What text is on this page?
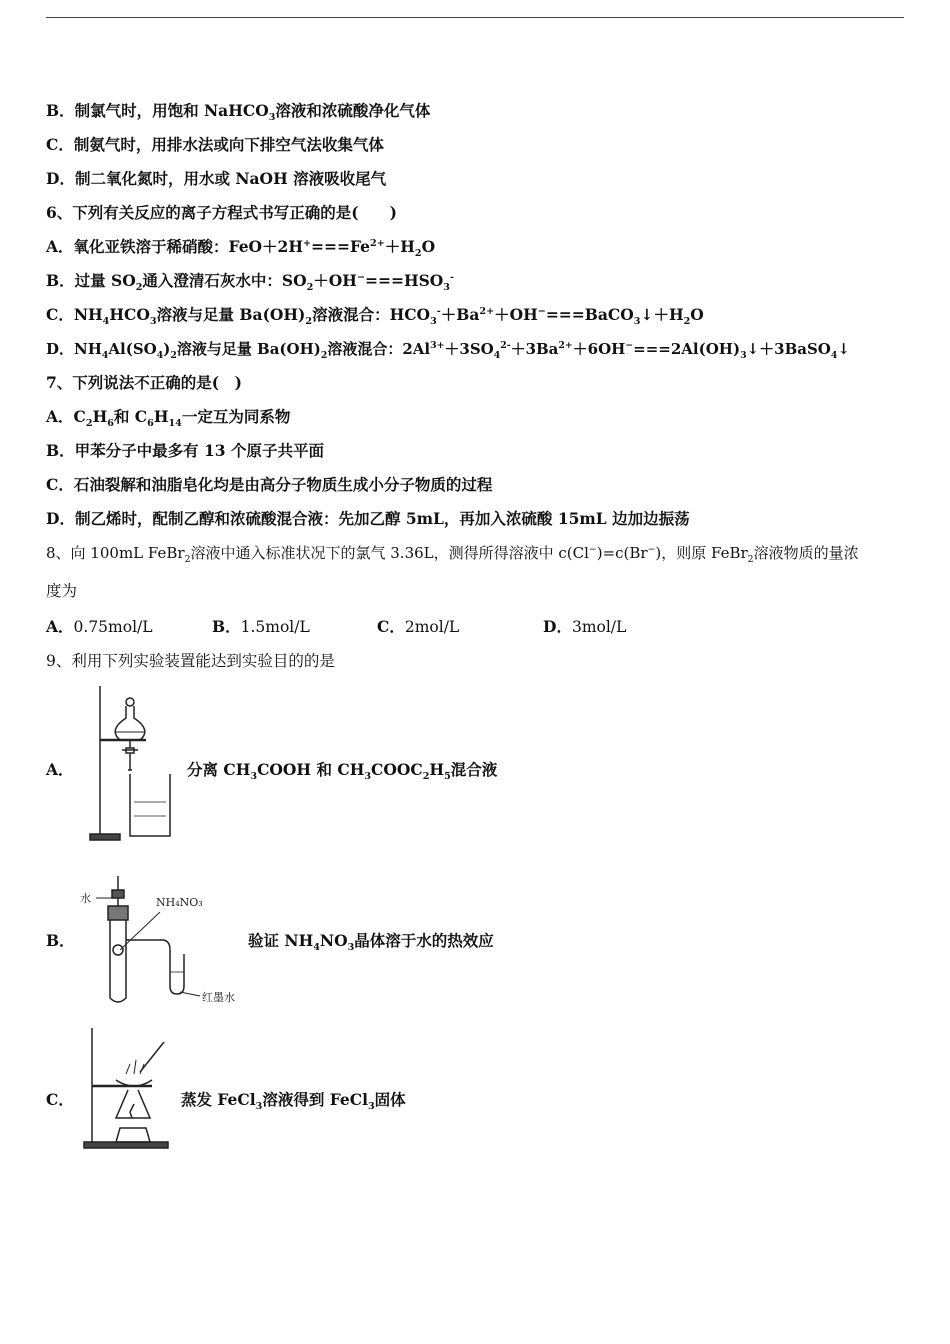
B．制氯气时，用饱和 NaHCO$_3$溶液和浓硫酸净化气体
C．制氨气时，用排水法或向下排空气法收集气体
D．制二氧化氮时，用水或 NaOH 溶液吸收尾气
6、下列有关反应的离子方程式书写正确的是(　　)
A．氧化亚铁溶于稀硝酸：$FeO+2H^+===Fe^{2+}+H_2O$
B．过量 $SO_2$通入澄清石灰水中：$SO_2+OH^-===HSO_3^-$
C．$NH_4HCO_3$溶液与足量 $Ba(OH)_2$溶液混合：$HCO_3^-+Ba^{2+}+OH^-===BaCO_3↓+H_2O$
D．$NH_4Al(SO_4)_2$溶液与足量 $Ba(OH)_2$溶液混合：$2Al^{3+}+3SO_4^{2-}+3Ba^{2+}+6OH^-===2Al(OH)_3↓+3BaSO_4↓$
7、下列说法不正确的是(　)
A．$C_2H_6$和 $C_6H_{14}$一定互为同系物
B．甲苯分子中最多有 13 个原子共平面
C．石油裂解和油脂皂化均是由高分子物质生成小分子物质的过程
D．制乙烯时，配制乙醇和浓硫酸混合液：先加乙醇 5mL，再加入浓硫酸 15mL 边加边振荡
8、向 100mL FeBr$_2$溶液中通入标准状况下的氯气 3.36L，测得所得溶液中 c(Cl−)=c(Br−)，则原 FeBr$_2$溶液物质的量浓
度为
A．0.75mol/L	B．1.5mol/L	C．2mol/L	D．3mol/L
9、利用下列实验装置能达到实验目的的是
A．	分离 $CH_3COOH$ 和 $CH_3COOC_2H_5$混合液
B．
水	NH₄NO₃
红墨水
验证 $NH_4NO_3$晶体溶于水的热效应
C．	蒸发 FeCl$_3$溶液得到 FeCl$_3$固体
